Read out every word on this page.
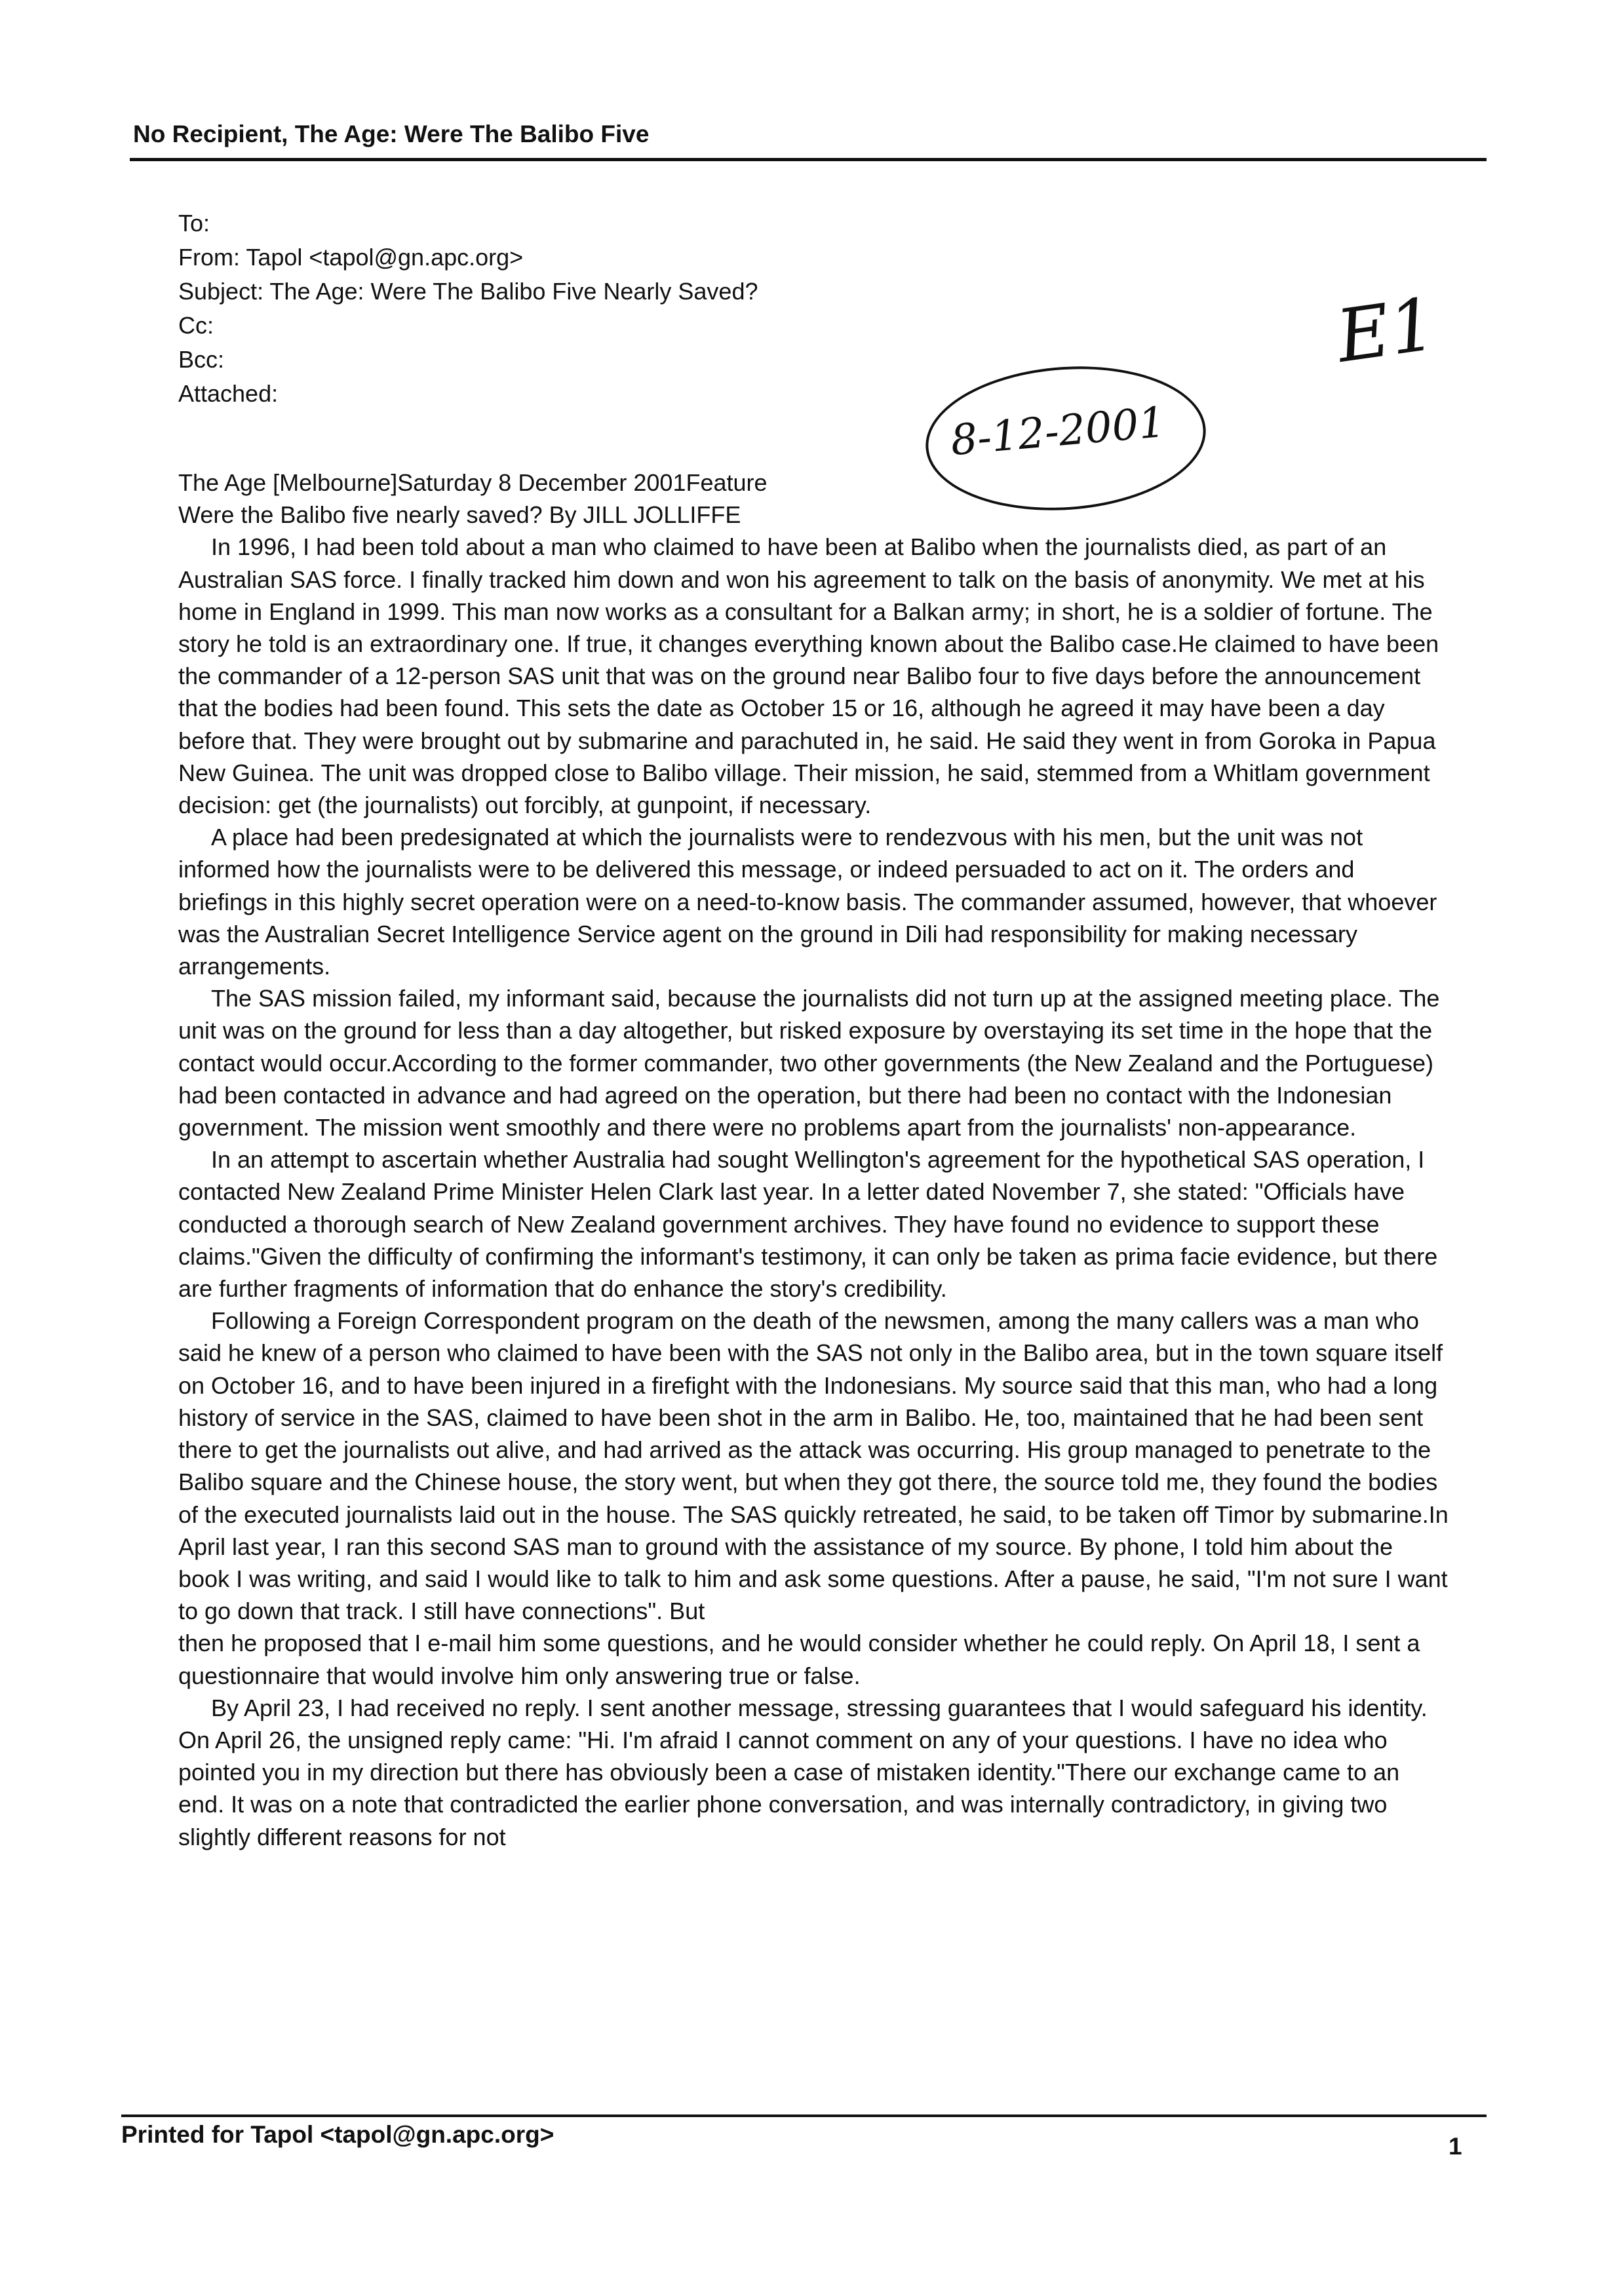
No Recipient, The Age: Were The Balibo Five
To:
From: Tapol <tapol@gn.apc.org>
Subject: The Age: Were The Balibo Five Nearly Saved?
Cc:
Bcc:
Attached:
E1
8-12-2001

The Age [Melbourne]Saturday 8 December 2001Feature

Were the Balibo five nearly saved? By JILL JOLLIFFE

In 1996, I had been told about a man who claimed to have been at Balibo when the journalists died, as part of an Australian SAS force. I finally tracked him down and won his agreement to talk on the basis of anonymity. We met at his home in England in 1999. This man now works as a consultant for a Balkan army; in short, he is a soldier of fortune. The story he told is an extraordinary one. If true, it changes everything known about the Balibo case.He claimed to have been the commander of a 12-person SAS unit that was on the ground near Balibo four to five days before the announcement that the bodies had been found. This sets the date as October 15 or 16, although he agreed it may have been a day before that. They were brought out by submarine and parachuted in, he said. He said they went in from Goroka in Papua New Guinea. The unit was dropped close to Balibo village. Their mission, he said, stemmed from a Whitlam government decision: get (the journalists) out forcibly, at gunpoint, if necessary.

A place had been predesignated at which the journalists were to rendezvous with his men, but the unit was not informed how the journalists were to be delivered this message, or indeed persuaded to act on it. The orders and briefings in this highly secret operation were on a need-to-know basis. The commander assumed, however, that whoever was the Australian Secret Intelligence Service agent on the ground in Dili had responsibility for making necessary arrangements.

The SAS mission failed, my informant said, because the journalists did not turn up at the assigned meeting place. The unit was on the ground for less than a day altogether, but risked exposure by overstaying its set time in the hope that the contact would occur.According to the former commander, two other governments (the New Zealand and the Portuguese) had been contacted in advance and had agreed on the operation, but there had been no contact with the Indonesian government. The mission went smoothly and there were no problems apart from the journalists' non-appearance.

In an attempt to ascertain whether Australia had sought Wellington's agreement for the hypothetical SAS operation, I contacted New Zealand Prime Minister Helen Clark last year. In a letter dated November 7, she stated: "Officials have conducted a thorough search of New Zealand government archives. They have found no evidence to support these claims."Given the difficulty of confirming the informant's testimony, it can only be taken as prima facie evidence, but there are further fragments of information that do enhance the story's credibility.

Following a Foreign Correspondent program on the death of the newsmen, among the many callers was a man who said he knew of a person who claimed to have been with the SAS not only in the Balibo area, but in the town square itself on October 16, and to have been injured in a firefight with the Indonesians. My source said that this man, who had a long history of service in the SAS, claimed to have been shot in the arm in Balibo. He, too, maintained that he had been sent there to get the journalists out alive, and had arrived as the attack was occurring. His group managed to penetrate to the Balibo square and the Chinese house, the story went, but when they got there, the source told me, they found the bodies of the executed journalists laid out in the house. The SAS quickly retreated, he said, to be taken off Timor by submarine.In April last year, I ran this second SAS man to ground with the assistance of my source. By phone, I told him about the book I was writing, and said I would like to talk to him and ask some questions. After a pause, he said, "I'm not sure I want to go down that track. I still have connections". But

then he proposed that I e-mail him some questions, and he would consider whether he could reply. On April 18, I sent a questionnaire that would involve him only answering true or false.

By April 23, I had received no reply. I sent another message, stressing guarantees that I would safeguard his identity. On April 26, the unsigned reply came: "Hi. I'm afraid I cannot comment on any of your questions. I have no idea who pointed you in my direction but there has obviously been a case of mistaken identity."There our exchange came to an end. It was on a note that contradicted the earlier phone conversation, and was internally contradictory, in giving two slightly different reasons for not

Printed for Tapol <tapol@gn.apc.org>	1
